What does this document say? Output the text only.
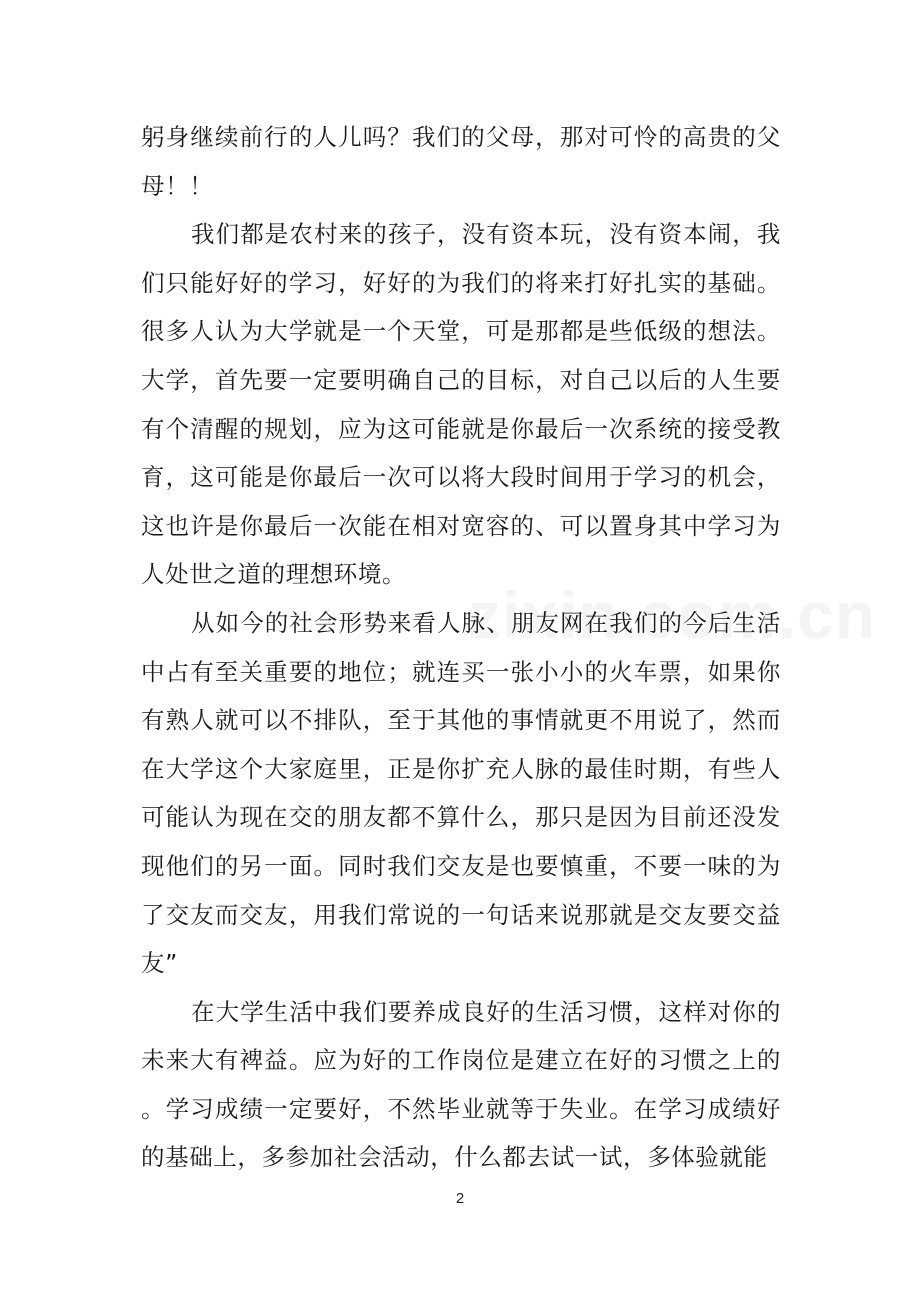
躬身继续前行的人儿吗？我们的父母，那对可怜的高贵的父
母！！
我们都是农村来的孩子，没有资本玩，没有资本闹，我
们只能好好的学习，好好的为我们的将来打好扎实的基础。
很多人认为大学就是一个天堂，可是那都是些低级的想法。
大学，首先要一定要明确自己的目标，对自己以后的人生要
有个清醒的规划，应为这可能就是你最后一次系统的接受教
育，这可能是你最后一次可以将大段时间用于学习的机会，
这也许是你最后一次能在相对宽容的、可以置身其中学习为
人处世之道的理想环境。
从如今的社会形势来看人脉、朋友网在我们的今后生活
中占有至关重要的地位；就连买一张小小的火车票，如果你
有熟人就可以不排队，至于其他的事情就更不用说了，然而
在大学这个大家庭里，正是你扩充人脉的最佳时期，有些人
可能认为现在交的朋友都不算什么，那只是因为目前还没发
现他们的另一面。同时我们交友是也要慎重，不要一味的为
了交友而交友，用我们常说的一句话来说那就是交友要交益
友”
在大学生活中我们要养成良好的生活习惯，这样对你的
未来大有裨益。应为好的工作岗位是建立在好的习惯之上的
。学习成绩一定要好，不然毕业就等于失业。在学习成绩好
的基础上，多参加社会活动，什么都去试一试，多体验就能
2
